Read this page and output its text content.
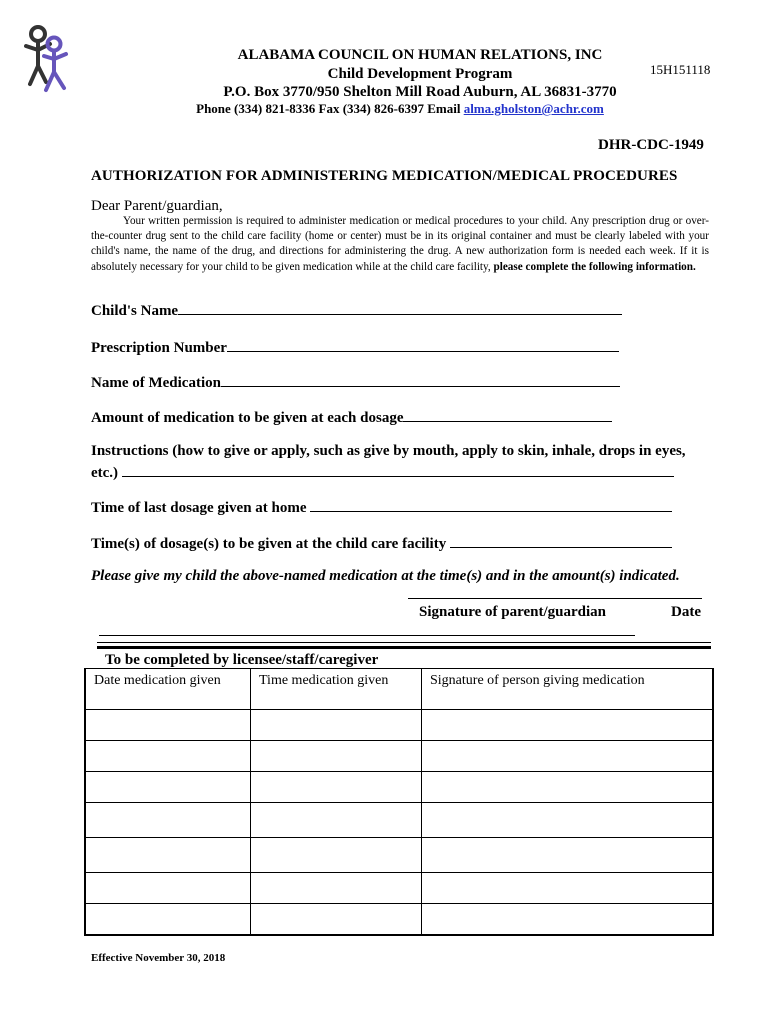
ALABAMA COUNCIL ON HUMAN RELATIONS, INC
Child Development Program
P.O. Box 3770/950 Shelton Mill Road Auburn, AL 36831-3770
Phone (334) 821-8336 Fax (334) 826-6397 Email alma.gholston@achr.com
15H151118
DHR-CDC-1949
AUTHORIZATION FOR ADMINISTERING MEDICATION/MEDICAL PROCEDURES
Dear Parent/guardian,
Your written permission is required to administer medication or medical procedures to your child. Any prescription drug or over-the-counter drug sent to the child care facility (home or center) must be in its original container and must be clearly labeled with your child's name, the name of the drug, and directions for administering the drug. A new authorization form is needed each week. If it is absolutely necessary for your child to be given medication while at the child care facility, please complete the following information.
Child's Name
Prescription Number
Name of Medication
Amount of medication to be given at each dosage
Instructions (how to give or apply, such as give by mouth, apply to skin, inhale, drops in eyes,
etc.)
Time of last dosage given at home
Time(s) of dosage(s) to be given at the child care facility
Please give my child the above-named medication at the time(s) and in the amount(s) indicated.
Signature of parent/guardian	Date
To be completed by licensee/staff/caregiver
Date medication given	Time medication given	Signature of person giving medication

Effective November 30, 2018
